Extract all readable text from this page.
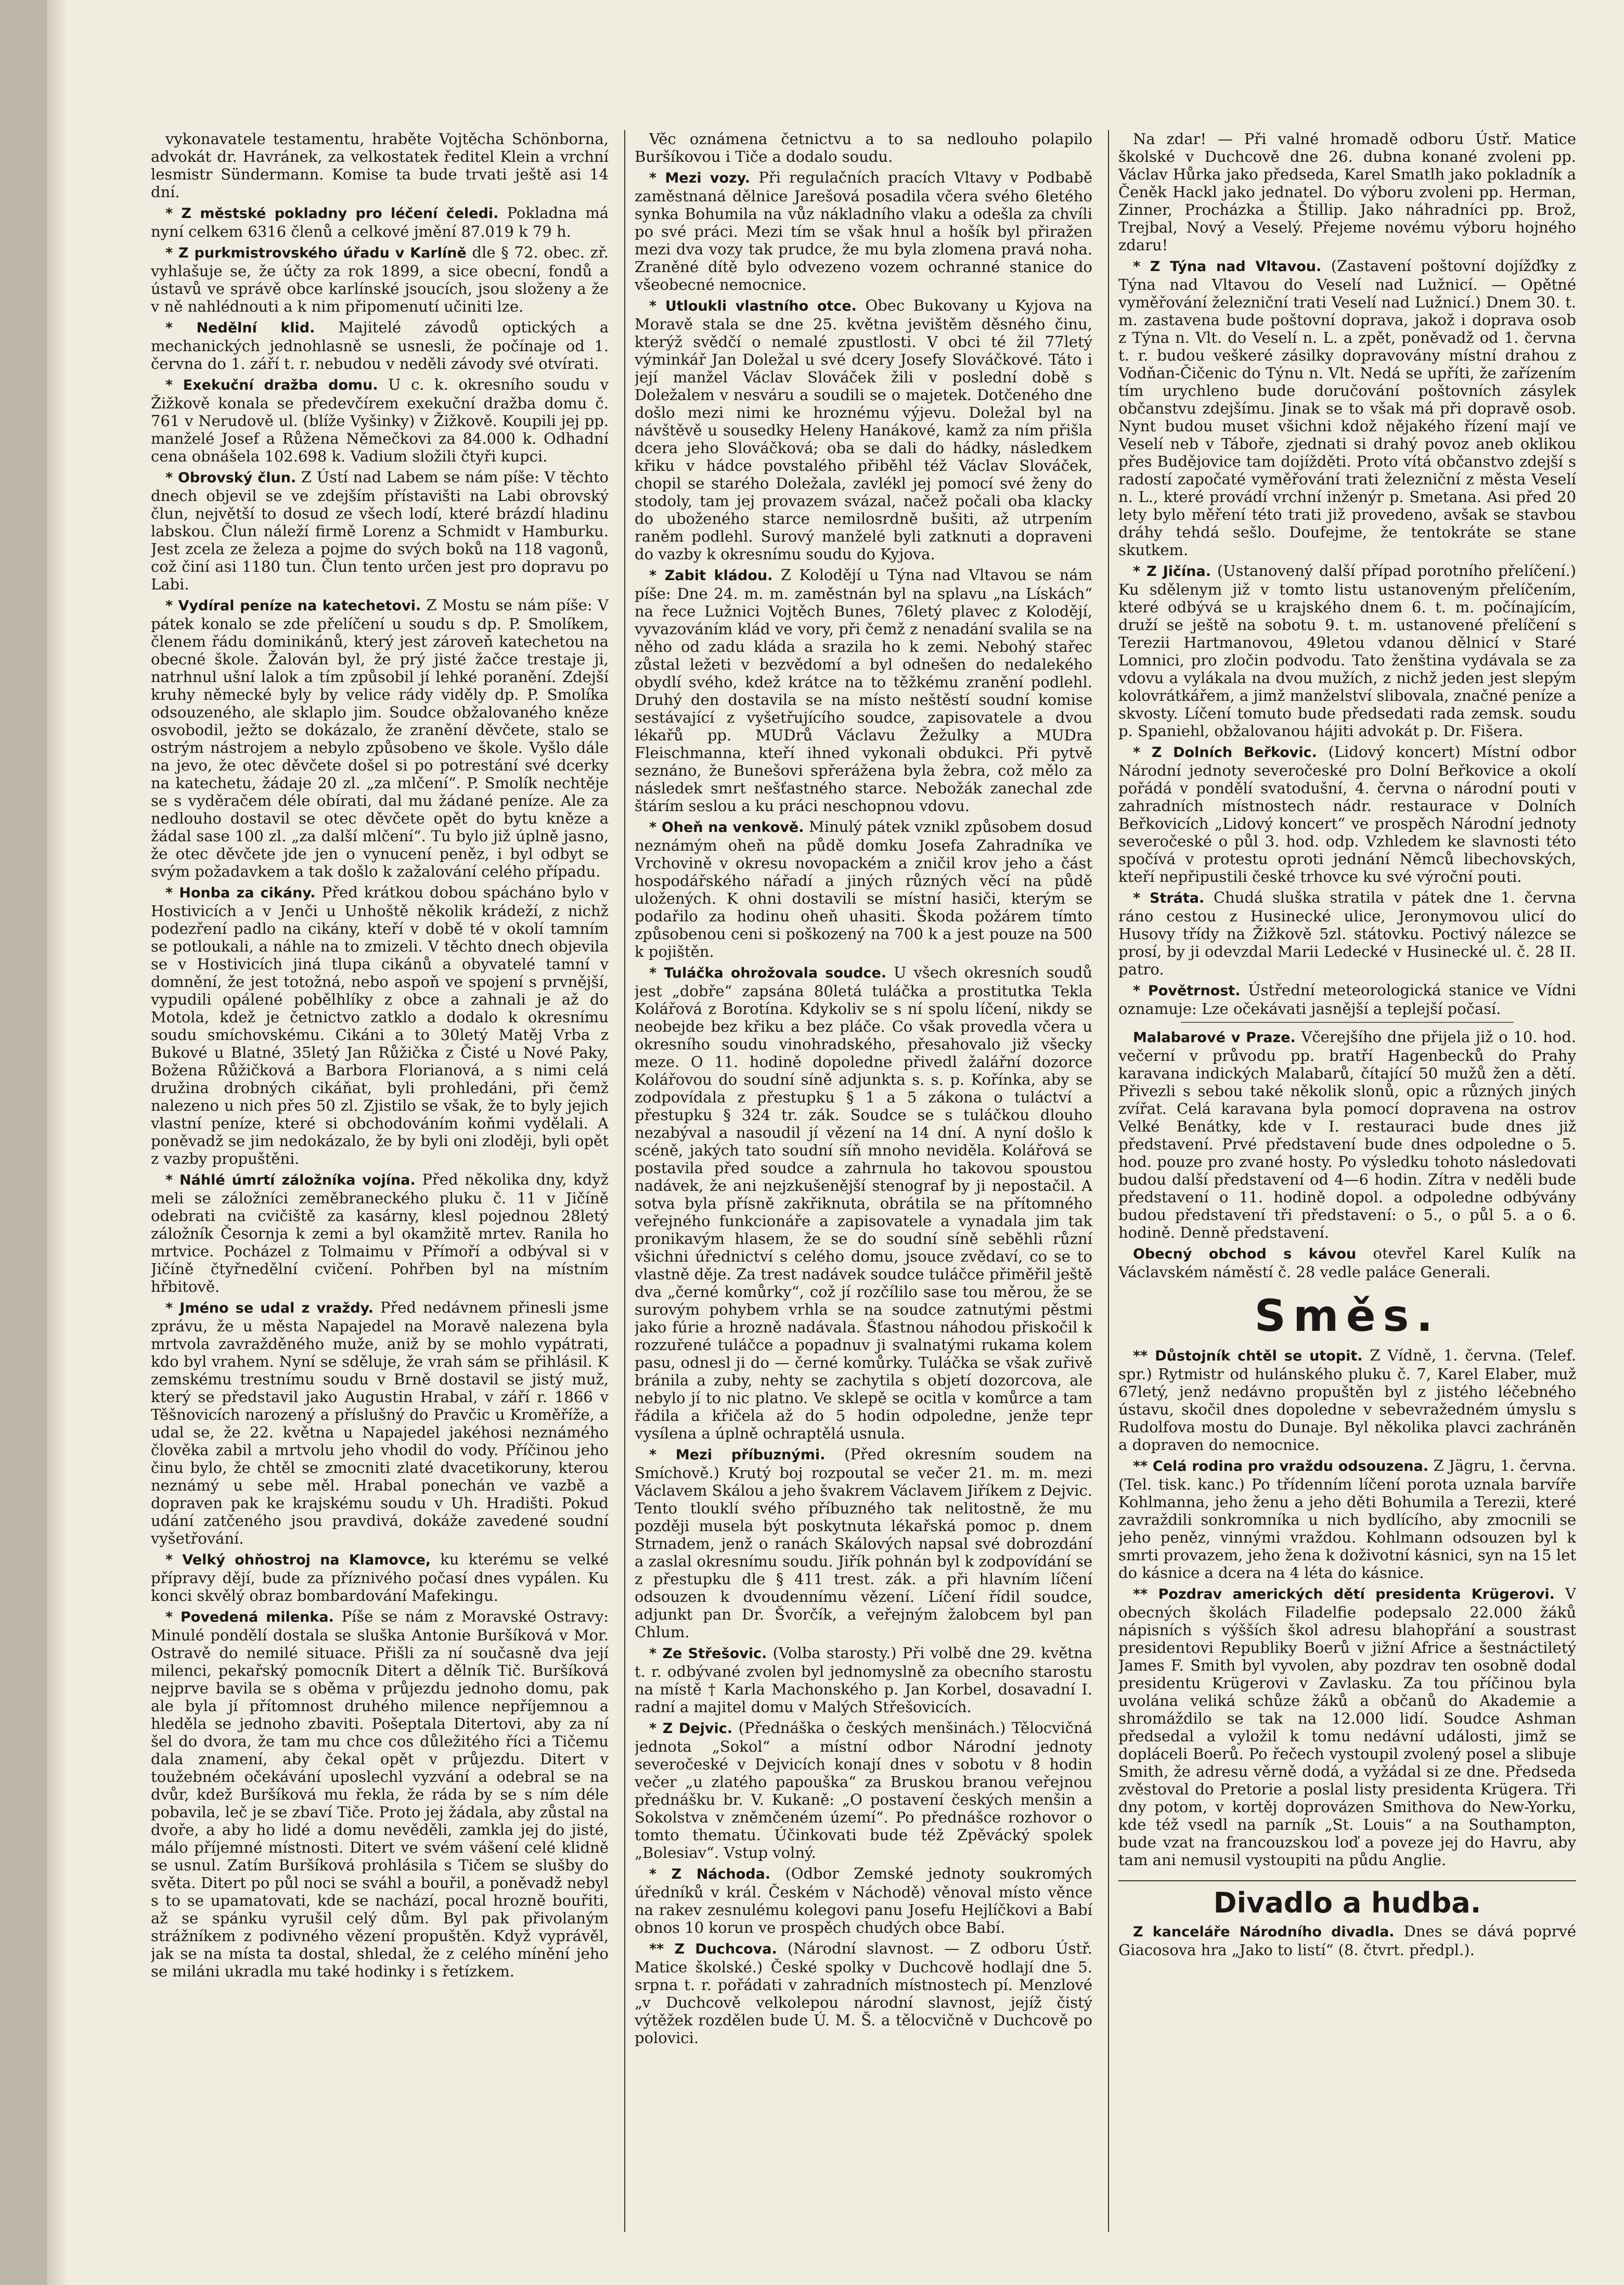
vykonavatele testamentu, hraběte Vojtěcha Schönborna, advokát dr. Havránek, za velkostatek ředitel Klein a vrchní lesmistr Sündermann. Komise ta bude trvati ještě asi 14 dní.

* Z městské pokladny pro léčení čeledi. Pokladna má nyní celkem 6316 členů a celkové jmění 87.019 k 79 h.

* Z purkmistrovského úřadu v Karlíně dle § 72. obec. zř. vyhlašuje se, že účty za rok 1899, a sice obecní, fondů a ústavů ve správě obce karlínské jsoucích, jsou složeny a že v ně nahlédnouti a k nim připomenutí učiniti lze.

* Nedělní klid. Majitelé závodů optických a mechanických jednohlasně se usnesli, že počínaje od 1. června do 1. září t. r. nebudou v neděli závody své otvírati.

* Exekuční dražba domu. U c. k. okresního soudu v Žižkově konala se předevčírem exekuční dražba domu č. 761 v Nerudově ul. (blíže Vyšinky) v Žižkově. Koupili jej pp. manželé Josef a Růžena Němečkovi za 84.000 k. Odhadní cena obnášela 102.698 k. Vadium složili čtyři kupci.

* Obrovský člun. Z Ústí nad Labem se nám píše: V těchto dnech objevil se ve zdejším přístavišti na Labi obrovský člun, největší to dosud ze všech lodí, které brázdí hladinu labskou. Člun náleží firmě Lorenz a Schmidt v Hamburku. Jest zcela ze železa a pojme do svých boků na 118 vagonů, což činí asi 1180 tun. Člun tento určen jest pro dopravu po Labi.

* Vydíral peníze na katechetovi. Z Mostu se nám píše: V pátek konalo se zde přelíčení u soudu s dp. P. Smolíkem, členem řádu dominikánů, který jest zároveň katechetou na obecné škole. Žalován byl, že prý jisté žačce trestaje ji, natrhnul ušní lalok a tím způsobil jí lehké poranění. Zdejší kruhy německé byly by velice rády viděly dp. P. Smolíka odsouzeného, ale sklaplo jim. Soudce obžalovaného kněze osvobodil, ježto se dokázalo, že zranění děvčete, stalo se ostrým nástrojem a nebylo způsobeno ve škole. Vyšlo dále na jevo, že otec děvčete došel si po potrestání své dcerky na katechetu, žádaje 20 zl. „za mlčení“. P. Smolík nechtěje se s vyděračem déle obírati, dal mu žádané peníze. Ale za nedlouho dostavil se otec děvčete opět do bytu kněze a žádal sase 100 zl. „za další mlčení“. Tu bylo již úplně jasno, že otec děvčete jde jen o vynucení peněz, i byl odbyt se svým požadavkem a tak došlo k zažalování celého případu.

* Honba za cikány. Před krátkou dobou spácháno bylo v Hostivicích a v Jenči u Unhoště několik krádeží, z nichž podezření padlo na cikány, kteří v době té v okolí tamním se potloukali, a náhle na to zmizeli. V těchto dnech objevila se v Hostivicích jiná tlupa cikánů a obyvatelé tamní v domnění, že jest totožná, nebo aspoň ve spojení s prvnější, vypudili opálené pobělhlíky z obce a zahnali je až do Motola, kdež je četnictvo zatklo a dodalo k okresnímu soudu smíchovskému. Cikáni a to 30letý Matěj Vrba z Bukové u Blatné, 35letý Jan Růžička z Čisté u Nové Paky, Božena Růžičková a Barbora Florianová, a s nimi celá družina drobných cikáňat, byli prohledáni, při čemž nalezeno u nich přes 50 zl. Zjistilo se však, že to byly jejich vlastní peníze, které si obchodováním koňmi vydělali. A poněvadž se jim nedokázalo, že by byli oni zloději, byli opět z vazby propuštěni.

* Náhlé úmrtí záložníka vojína. Před několika dny, když meli se záložníci zeměbraneckého pluku č. 11 v Jičíně odebrati na cvičiště za kasárny, klesl pojednou 28letý záložník Česornja k zemi a byl okamžitě mrtev. Ranila ho mrtvice. Pocházel z Tolmaimu v Přímoří a odbýval si v Jičíně čtyřnedělní cvičení. Pohřben byl na místním hřbitově.

* Jméno se udal z vraždy. Před nedávnem přinesli jsme zprávu, že u města Napajedel na Moravě nalezena byla mrtvola zavražděného muže, aniž by se mohlo vypátrati, kdo byl vrahem. Nyní se sděluje, že vrah sám se přihlásil. K zemskému trestnímu soudu v Brně dostavil se jistý muž, který se představil jako Augustin Hrabal, v září r. 1866 v Těšnovicích narozený a příslušný do Pravčic u Kroměříže, a udal se, že 22. května u Napajedel jakéhosi neznámého člověka zabil a mrtvolu jeho vhodil do vody. Příčinou jeho činu bylo, že chtěl se zmocniti zlaté dvacetikoruny, kterou neznámý u sebe měl. Hrabal ponechán ve vazbě a dopraven pak ke krajskému soudu v Uh. Hradišti. Pokud udání zatčeného jsou pravdivá, dokáže zavedené soudní vyšetřování.

* Velký ohňostroj na Klamovce, ku kterému se velké přípravy dějí, bude za příznivého počasí dnes vypálen. Ku konci skvělý obraz bombardování Mafekingu.

* Povedená milenka. Píše se nám z Moravské Ostravy: Minulé pondělí dostala se sluška Antonie Buršíková v Mor. Ostravě do nemilé situace. Přišli za ní současně dva její milenci, pekařský pomocník Ditert a dělník Tič. Buršíková nejprve bavila se s oběma v průjezdu jednoho domu, pak ale byla jí přítomnost druhého milence nepříjemnou a hleděla se jednoho zbaviti. Pošeptala Ditertovi, aby za ní šel do dvora, že tam mu chce cos důležitého říci a Tičemu dala znamení, aby čekal opět v průjezdu. Ditert v toužebném očekávání uposlechl vyzvání a odebral se na dvůr, kdež Buršíková mu řekla, že ráda by se s ním déle pobavila, leč je se zbaví Tiče. Proto jej žádala, aby zůstal na dvoře, a aby ho lidé a domu nevěděli, zamkla jej do jisté, málo příjemné místnosti. Ditert ve svém vášení celé klidně se usnul. Zatím Buršíková prohlásila s Tičem se slušby do světa. Ditert po půl noci se sváhl a bouřil, a poněvadž nebyl s to se upamatovati, kde se nachází, pocal hrozně bouřiti, až se spánku vyrušil celý dům. Byl pak přivolaným strážníkem z podivného vězení propuštěn. Když vyprávěl, jak se na místa ta dostal, shledal, že z celého mínění jeho se miláni ukradla mu také hodinky i s řetízkem.

Věc oznámena četnictvu a to sa nedlouho polapilo Buršíkovou i Tiče a dodalo soudu.

* Mezi vozy. Při regulačních pracích Vltavy v Podbabě zaměstnaná dělnice Jarešová posadila včera svého 6letého synka Bohumila na vůz nákladního vlaku a odešla za chvíli po své práci. Mezi tím se však hnul a hošík byl přiražen mezi dva vozy tak prudce, že mu byla zlomena pravá noha. Zraněné dítě bylo odvezeno vozem ochranné stanice do všeobecné nemocnice.

* Utloukli vlastního otce. Obec Bukovany u Kyjova na Moravě stala se dne 25. května jevištěm děsného činu, kterýž svědčí o nemalé zpustlosti. V obci té žil 77letý výminkář Jan Doležal u své dcery Josefy Slováčkové. Táto i její manžel Václav Slováček žili v poslední době s Doležalem v nesváru a soudili se o majetek. Dotčeného dne došlo mezi nimi ke hroznému výjevu. Doležal byl na návštěvě u sousedky Heleny Hanákové, kamž za ním přišla dcera jeho Slováčková; oba se dali do hádky, následkem křiku v hádce povstalého přiběhl též Václav Slováček, chopil se starého Doležala, zavlékl jej pomocí své ženy do stodoly, tam jej provazem svázal, načež počali oba klacky do uboženého starce nemilosrdně bušiti, až utrpením raněm podlehl. Surový manželé byli zatknuti a dopraveni do vazby k okresnímu soudu do Kyjova.

* Zabit kládou. Z Kolodějí u Týna nad Vltavou se nám píše: Dne 24. m. m. zaměstnán byl na splavu „na Lískách“ na řece Lužnici Vojtěch Bunes, 76letý plavec z Kolodějí, vyvazováním klád ve vory, při čemž z nenadání svalila se na něho od zadu kláda a srazila ho k zemi. Nebohý stařec zůstal ležeti v bezvědomí a byl odnešen do nedalekého obydlí svého, kdež krátce na to těžkému zranění podlehl. Druhý den dostavila se na místo neštěstí soudní komise sestávající z vyšetřujícího soudce, zapisovatele a dvou lékařů pp. MUDrů Václavu Žežulky a MUDra Fleischmanna, kteří ihned vykonali obdukci. Při pytvě seznáno, že Bunešovi spřerážena byla žebra, což mělo za následek smrt nešťastného starce. Nebožák zanechal zde štárím seslou a ku práci neschopnou vdovu.

* Oheň na venkově. Minulý pátek vznikl způsobem dosud neznámým oheň na půdě domku Josefa Zahradníka ve Vrchovině v okresu novopackém a zničil krov jeho a část hospodářského nářadí a jiných různých věcí na půdě uložených. K ohni dostavili se místní hasiči, kterým se podařilo za hodinu oheň uhasiti. Škoda požárem tímto způsobenou ceni si poškozený na 700 k a jest pouze na 500 k pojištěn.

* Tuláčka ohrožovala soudce. U všech okresních soudů jest „dobře“ zapsána 80letá tuláčka a prostitutka Tekla Kolářová z Borotína. Kdykoliv se s ní spolu líčení, nikdy se neobejde bez křiku a bez pláče. Co však provedla včera u okresního soudu vinohradského, přesahovalo již všecky meze. O 11. hodině dopoledne přivedl žalářní dozorce Kolářovou do soudní síně adjunkta s. s. p. Kořínka, aby se zodpovídala z přestupku § 1 a 5 zákona o tuláctví a přestupku § 324 tr. zák. Soudce se s tuláčkou dlouho nezabýval a nasoudil jí vězení na 14 dní. A nyní došlo k scéně, jakých tato soudní síň mnoho neviděla. Kolářová se postavila před soudce a zahrnula ho takovou spoustou nadávek, že ani nejzkušenější stenograf by ji nepostačil. A sotva byla přísně zakřiknuta, obrátila se na přítomného veřejného funkcionáře a zapisovatele a vynadala jim tak pronikavým hlasem, že se do soudní síně seběhli různí všichni úřednictví s celého domu, jsouce zvědaví, co se to vlastně děje. Za trest nadávek soudce tuláčce přiměřil ještě dva „černé komůrky“, což jí rozčílilo sase tou měrou, že se surovým pohybem vrhla se na soudce zatnutými pěstmi jako fúrie a hrozně nadávala. Šťastnou náhodou přiskočil k rozzuřené tuláčce a popadnuv ji svalnatými rukama kolem pasu, odnesl ji do — černé komůrky. Tuláčka se však zuřivě bránila a zuby, nehty se zachytila s objetí dozorcova, ale nebylo jí to nic platno. Ve sklepě se ocitla v komůrce a tam řádila a křičela až do 5 hodin odpoledne, jenže tepr vysílena a úplně ochraptělá usnula.

* Mezi příbuznými. (Před okresním soudem na Smíchově.) Krutý boj rozpoutal se večer 21. m. m. mezi Václavem Skálou a jeho švakrem Václavem Jiříkem z Dejvic. Tento tlouklí svého příbuzného tak nelitostně, že mu později musela být poskytnuta lékařská pomoc p. dnem Strnadem, jenž o ranách Skálových napsal své dobrozdání a zaslal okresnímu soudu. Jiřík pohnán byl k zodpovídání se z přestupku dle § 411 trest. zák. a při hlavním líčení odsouzen k dvoudennímu vězení. Líčení řídil soudce, adjunkt pan Dr. Švorčík, a veřejným žalobcem byl pan Chlum.

* Ze Střešovic. (Volba starosty.) Při volbě dne 29. května t. r. odbývané zvolen byl jednomyslně za obecního starostu na místě † Karla Machonského p. Jan Korbel, dosavadní I. radní a majitel domu v Malých Střešovicích.

* Z Dejvic. (Přednáška o českých menšinách.) Tělocvičná jednota „Sokol“ a místní odbor Národní jednoty severočeské v Dejvicích konají dnes v sobotu v 8 hodin večer „u zlatého papouška“ za Bruskou branou veřejnou přednášku br. V. Kukaně: „O postavení českých menšin a Sokolstva v zněmčeném území“. Po přednášce rozhovor o tomto thematu. Účinkovati bude též Zpěvácký spolek „Bolesiav“. Vstup volný.

* Z Náchoda. (Odbor Zemské jednoty soukromých úředníků v král. Českém v Náchodě) věnoval místo věnce na rakev zesnulému kolegovi panu Josefu Hejlíčkovi a Babí obnos 10 korun ve prospěch chudých obce Babí.

** Z Duchcova. (Národní slavnost. — Z odboru Ústř. Matice školské.) České spolky v Duchcově hodlají dne 5. srpna t. r. pořádati v zahradních místnostech pí. Menzlové „v Duchcově velkolepou národní slavnost, jejíž čistý výtěžek rozdělen bude Ú. M. Š. a tělocvičně v Duchcově po polovici.

Na zdar! — Při valné hromadě odboru Ústř. Matice školské v Duchcově dne 26. dubna konané zvoleni pp. Václav Hůrka jako předseda, Karel Smatlh jako pokladník a Čeněk Hackl jako jednatel. Do výboru zvoleni pp. Herman, Zinner, Procházka a Štillip. Jako náhradníci pp. Brož, Trejbal, Nový a Veselý. Přejeme novému výboru hojného zdaru!

* Z Týna nad Vltavou. (Zastavení poštovní dojížďky z Týna nad Vltavou do Veselí nad Lužnicí. — Opětné vyměřování železniční trati Veselí nad Lužnicí.) Dnem 30. t. m. zastavena bude poštovní doprava, jakož i doprava osob z Týna n. Vlt. do Veselí n. L. a zpět, poněvadž od 1. června t. r. budou veškeré zásilky dopravovány místní drahou z Vodňan-Čičenic do Týnu n. Vlt. Nedá se upříti, že zařízením tím urychleno bude doručování poštovních zásylek občanstvu zdejšímu. Jinak se to však má při dopravě osob. Nynt budou muset všichni kdož nějakého řízení mají ve Veselí neb v Táboře, zjednati si drahý povoz aneb oklikou přes Budějovice tam dojížděti. Proto vítá občanstvo zdejší s radostí započaté vyměřování trati železniční z města Veselí n. L., které provádí vrchní inženýr p. Smetana. Asi před 20 lety bylo měření této trati již provedeno, avšak se stavbou dráhy tehdá sešlo. Doufejme, že tentokráte se stane skutkem.

* Z Jičína. (Ustanovený další případ porotního přelíčení.) Ku sdělenym již v tomto listu ustanoveným přelíčením, které odbývá se u krajského dnem 6. t. m. počínajícím, druží se ještě na sobotu 9. t. m. ustanovené přelíčení s Terezii Hartmanovou, 49letou vdanou dělnicí v Staré Lomnici, pro zločin podvodu. Tato ženština vydávala se za vdovu a vylákala na dvou mužích, z nichž jeden jest slepým kolovrátkářem, a jimž manželství slibovala, značné peníze a skvosty. Líčení tomuto bude předsedati rada zemsk. soudu p. Spaniehl, obžalovanou hájiti advokát p. Dr. Fišera.

* Z Dolních Beřkovic. (Lidový koncert) Místní odbor Národní jednoty severočeské pro Dolní Beřkovice a okolí pořádá v pondělí svatodušní, 4. června o národní pouti v zahradních místnostech nádr. restaurace v Dolních Beřkovicích „Lidový koncert“ ve prospěch Národní jednoty severočeské o půl 3. hod. odp. Vzhledem ke slavnosti této spočívá v protestu oproti jednání Němců libechovských, kteří nepřipustili české trhovce ku své výroční pouti.

* Stráta. Chudá sluška stratila v pátek dne 1. června ráno cestou z Husinecké ulice, Jeronymovou ulicí do Husovy třídy na Žižkově 5zl. státovku. Poctivý nálezce se prosí, by ji odevzdal Marii Ledecké v Husinecké ul. č. 28 II. patro.

* Povětrnost. Ústřední meteorologická stanice ve Vídni oznamuje: Lze očekávati jasnější a teplejší počasí.

Malabarové v Praze. Včerejšího dne přijela již o 10. hod. večerní v průvodu pp. bratří Hagenbecků do Prahy karavana indických Malabarů, čítající 50 mužů žen a dětí. Přivezli s sebou také několik slonů, opic a různých jiných zvířat. Celá karavana byla pomocí dopravena na ostrov Velké Benátky, kde v I. restauraci bude dnes již představení. Prvé představení bude dnes odpoledne o 5. hod. pouze pro zvané hosty. Po výsledku tohoto následovati budou další představení od 4—6 hodin. Zítra v neděli bude představení o 11. hodině dopol. a odpoledne odbývány budou představení tři představení: o 5., o půl 5. a o 6. hodině. Denně představení.

Obecný obchod s kávou otevřel Karel Kulík na Václavském náměstí č. 28 vedle paláce Generali.

Směs.

** Důstojník chtěl se utopit. Z Vídně, 1. června. (Telef. spr.) Rytmistr od hulánského pluku č. 7, Karel Elaber, muž 67letý, jenž nedávno propuštěn byl z jistého léčebného ústavu, skočil dnes dopoledne v sebevražedném úmyslu s Rudolfova mostu do Dunaje. Byl několika plavci zachráněn a dopraven do nemocnice.

** Celá rodina pro vraždu odsouzena. Z Jägru, 1. června. (Tel. tisk. kanc.) Po třídenním líčení porota uznala barvíře Kohlmanna, jeho ženu a jeho děti Bohumila a Terezii, které zavraždili sonkromníka u nich bydlícího, aby zmocnili se jeho peněz, vinnými vraždou. Kohlmann odsouzen byl k smrti provazem, jeho žena k doživotní kásnici, syn na 15 let do kásnice a dcera na 4 léta do kásnice.

** Pozdrav amerických dětí presidenta Krügerovi. V obecných školách Filadelfie podepsalo 22.000 žáků nápisních s výšších škol adresu blahopřání a soustrast presidentovi Republiky Boerů v jižní Africe a šestnáctiletý James F. Smith byl vyvolen, aby pozdrav ten osobně dodal presidentu Krügerovi v Zavlasku. Za tou příčinou byla uvolána veliká schůze žáků a občanů do Akademie a shromáždilo se tak na 12.000 lidí. Soudce Ashman předsedal a vyložil k tomu nedávní události, jimž se dopláceli Boerů. Po řečech vystoupil zvolený posel a slibuje Smith, že adresu věrně dodá, a vyžádal si ze dne. Předseda zvěstoval do Pretorie a poslal listy presidenta Krügera. Tři dny potom, v kortěj doprovázen Smithova do New-Yorku, kde též vsedl na parník „St. Louis“ a na Southampton, bude vzat na francouzskou loď a poveze jej do Havru, aby tam ani nemusil vystoupiti na půdu Anglie.

Divadlo a hudba.

Z kanceláře Národního divadla. Dnes se dává poprvé Giacosova hra „Jako to listí“ (8. čtvrt. předpl.).
